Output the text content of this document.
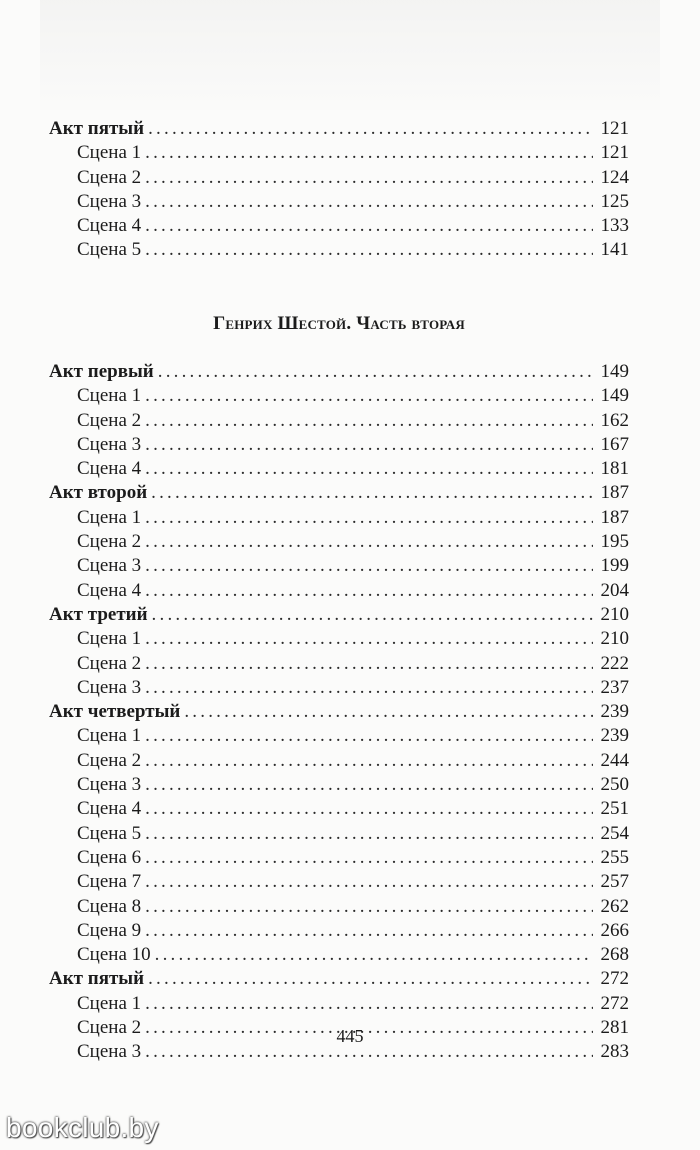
Акт пятый .....	121
Сцена 1 .....	121
Сцена 2 .....	124
Сцена 3 .....	125
Сцена 4 .....	133
Сцена 5 .....	141
Генрих Шестой. Часть вторая
Акт первый .....	149
Сцена 1 .....	149
Сцена 2 .....	162
Сцена 3 .....	167
Сцена 4 .....	181
Акт второй .....	187
Сцена 1 .....	187
Сцена 2 .....	195
Сцена 3 .....	199
Сцена 4 .....	204
Акт третий .....	210
Сцена 1 .....	210
Сцена 2 .....	222
Сцена 3 .....	237
Акт четвертый .....	239
Сцена 1 .....	239
Сцена 2 .....	244
Сцена 3 .....	250
Сцена 4 .....	251
Сцена 5 .....	254
Сцена 6 .....	255
Сцена 7 .....	257
Сцена 8 .....	262
Сцена 9 .....	266
Сцена 10 .....	268
Акт пятый .....	272
Сцена 1 .....	272
Сцена 2 .....	281
Сцена 3 .....	283
445
bookclub.by
